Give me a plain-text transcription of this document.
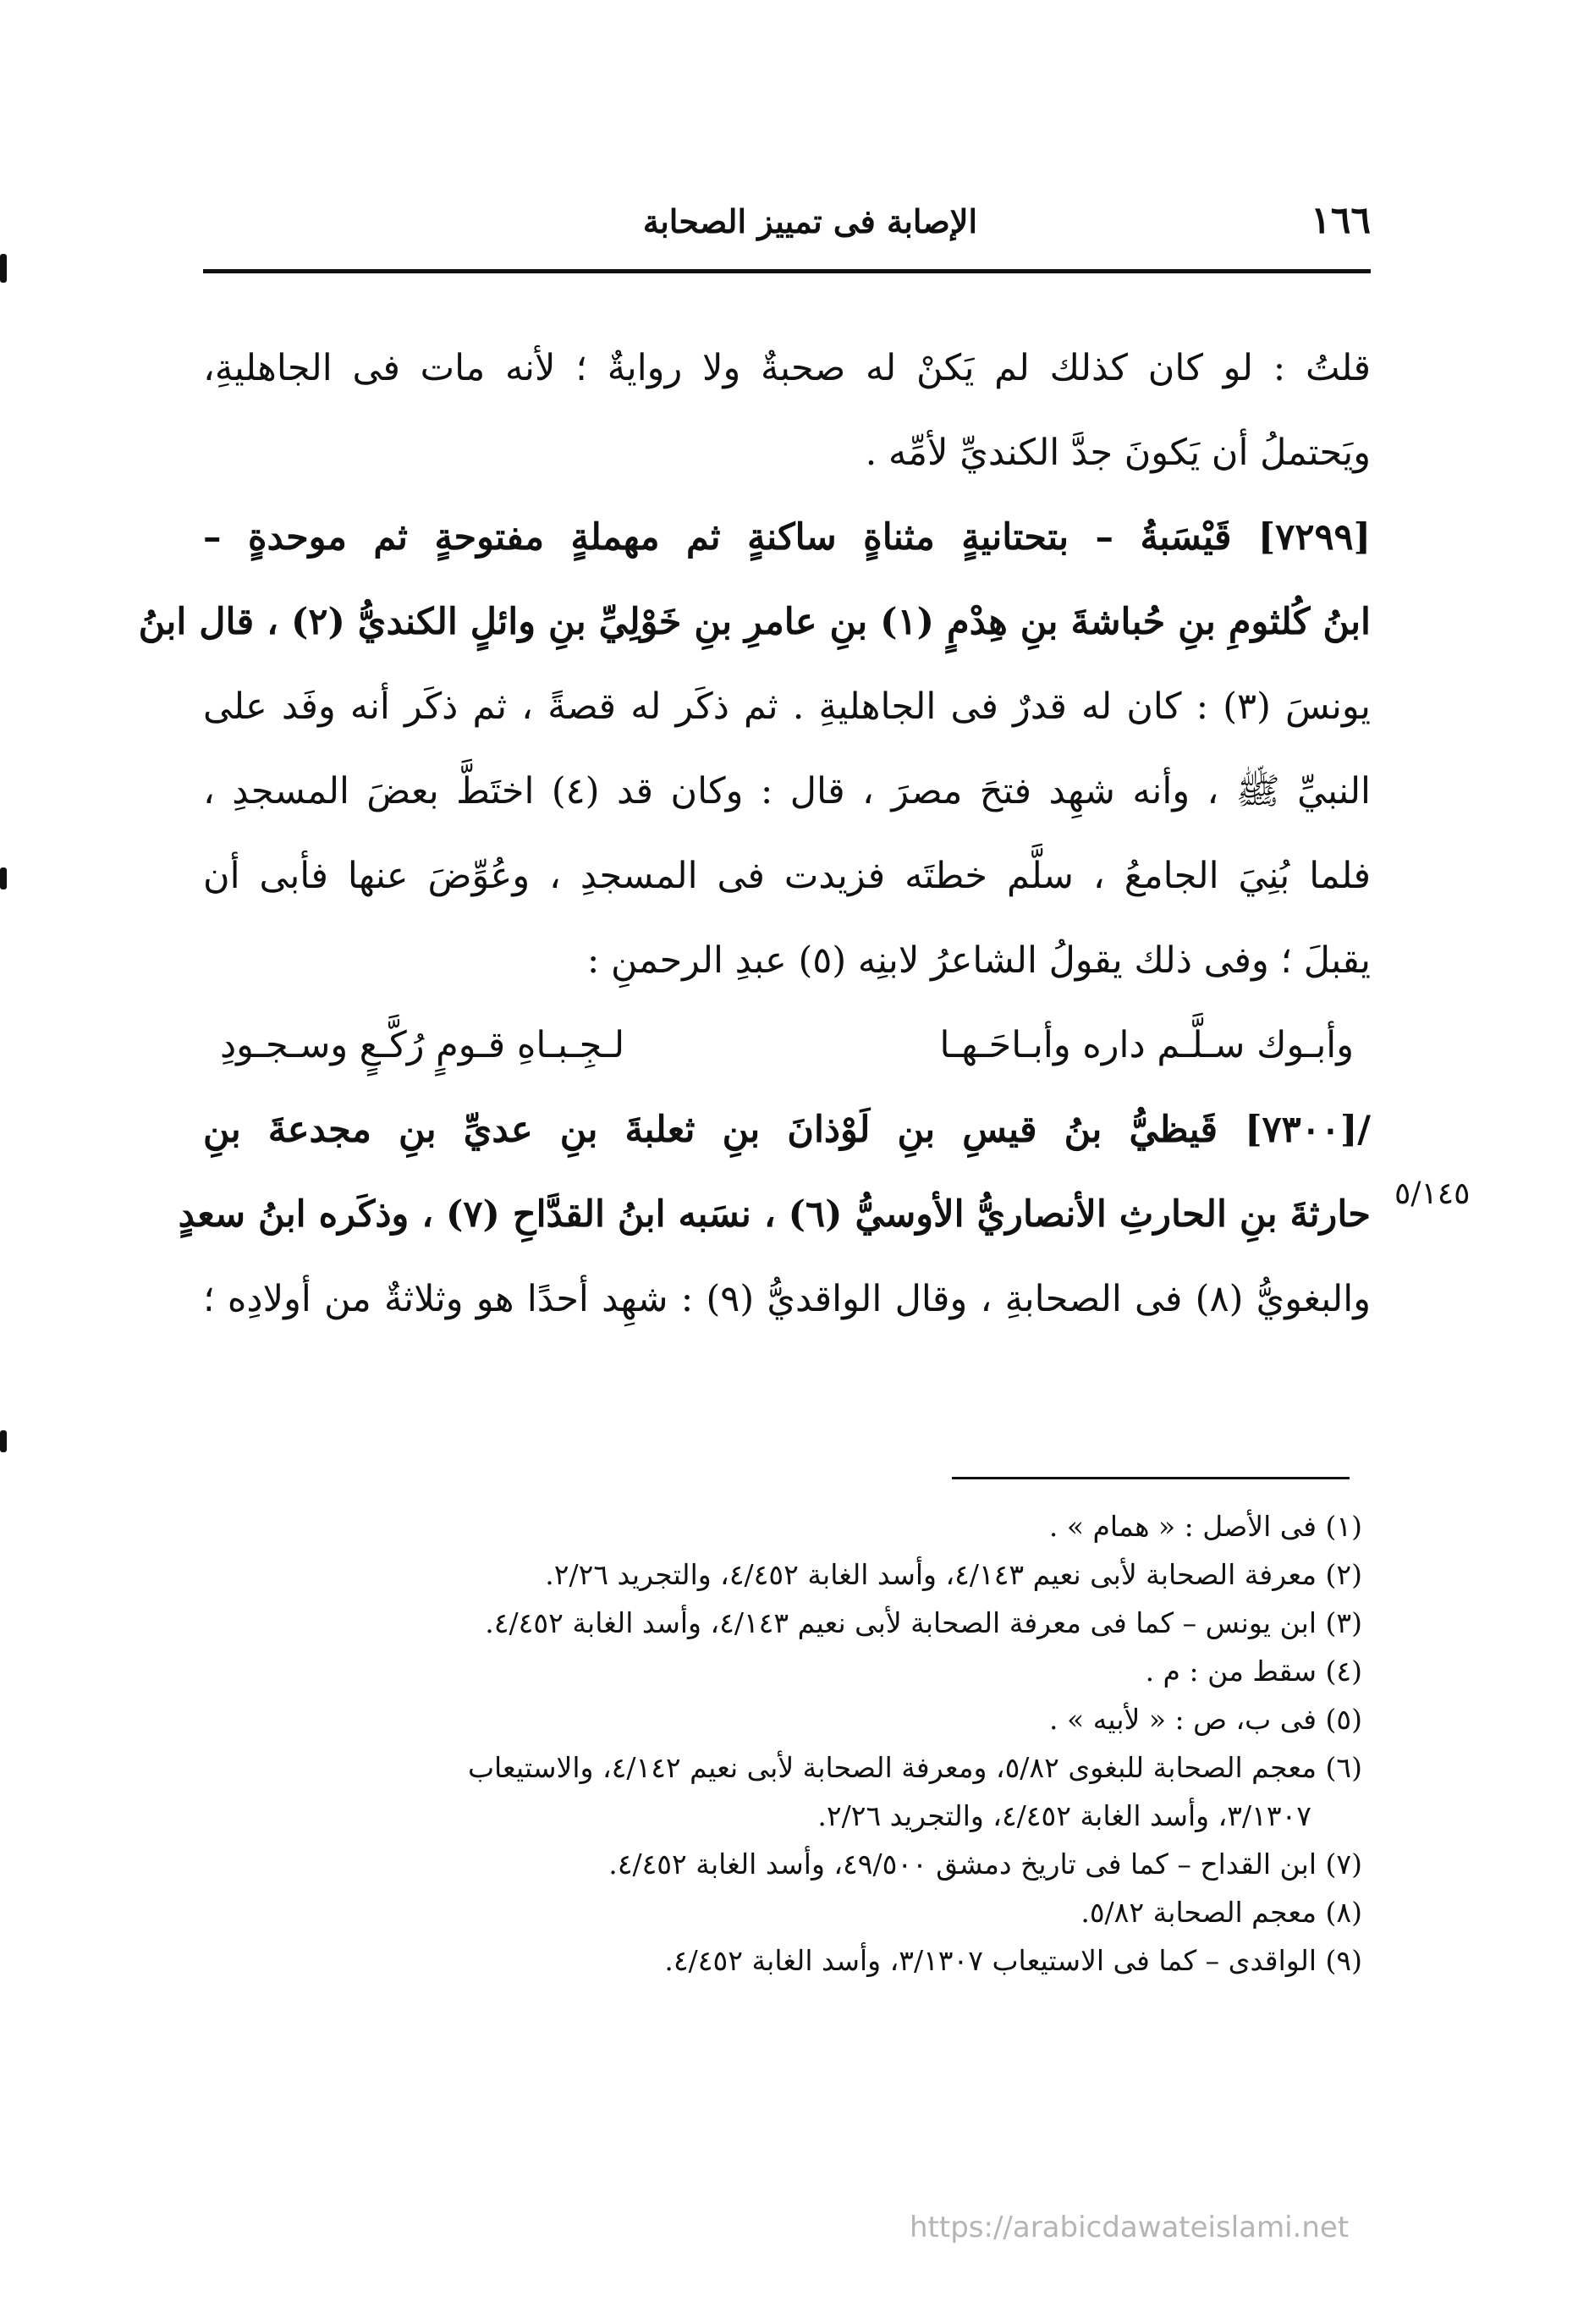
١٦٦
الإصابة فى تمييز الصحابة
قلتُ : لو كان كذلك لم يَكنْ له صحبةٌ ولا روايةٌ ؛ لأنه مات فى الجاهليةِ،
ويَحتملُ أن يَكونَ جدَّ الكنديِّ لأمِّه .
[٧٢٩٩] قَيْسَبةُ – بتحتانيةٍ مثناةٍ ساكنةٍ ثم مهملةٍ مفتوحةٍ ثم موحدةٍ –
ابنُ كُلثومِ بنِ حُباشةَ بنِ هِدْمٍ (١) بنِ عامرِ بنِ خَوْلِيِّ بنِ وائلٍ الكنديُّ (٢) ، قال ابنُ
يونسَ (٣) : كان له قدرٌ فى الجاهليةِ . ثم ذكَر له قصةً ، ثم ذكَر أنه وفَد على
النبيِّ ﷺ ، وأنه شهِد فتحَ مصرَ ، قال : وكان قد (٤) اختَطَّ بعضَ المسجدِ ،
فلما بُنِيَ الجامعُ ، سلَّم خطتَه فزيدت فى المسجدِ ، وعُوِّضَ عنها فأبى أن
يقبلَ ؛ وفى ذلك يقولُ الشاعرُ لابنِه (٥) عبدِ الرحمنِ :
وأبـوك سـلَّـم داره وأبـاحَـهـا
لـجِـبـاهِ قـومٍ رُكَّـعٍ وسـجـودِ
/[٧٣٠٠] قَيظيُّ بنُ قيسِ بنِ لَوْذانَ بنِ ثعلبةَ بنِ عديِّ بنِ مجدعةَ بنِ
حارثةَ بنِ الحارثِ الأنصاريُّ الأوسيُّ (٦) ، نسَبه ابنُ القدَّاحِ (٧) ، وذكَره ابنُ سعدٍ
والبغويُّ (٨) فى الصحابةِ ، وقال الواقديُّ (٩) : شهِد أحدًا هو وثلاثةٌ من أولادِه ؛
٥/١٤٥
(١) فى الأصل : « همام » .
(٢) معرفة الصحابة لأبى نعيم ٤/١٤٣، وأسد الغابة ٤/٤٥٢، والتجريد ٢/٢٦.
(٣) ابن يونس – كما فى معرفة الصحابة لأبى نعيم ٤/١٤٣، وأسد الغابة ٤/٤٥٢.
(٤) سقط من : م .
(٥) فى ب، ص : « لأبيه » .
(٦) معجم الصحابة للبغوى ٥/٨٢، ومعرفة الصحابة لأبى نعيم ٤/١٤٢، والاستيعاب
٣/١٣٠٧، وأسد الغابة ٤/٤٥٢، والتجريد ٢/٢٦.
(٧) ابن القداح – كما فى تاريخ دمشق ٤٩/٥٠٠، وأسد الغابة ٤/٤٥٢.
(٨) معجم الصحابة ٥/٨٢.
(٩) الواقدى – كما فى الاستيعاب ٣/١٣٠٧، وأسد الغابة ٤/٤٥٢.
https://arabicdawateislami.net
